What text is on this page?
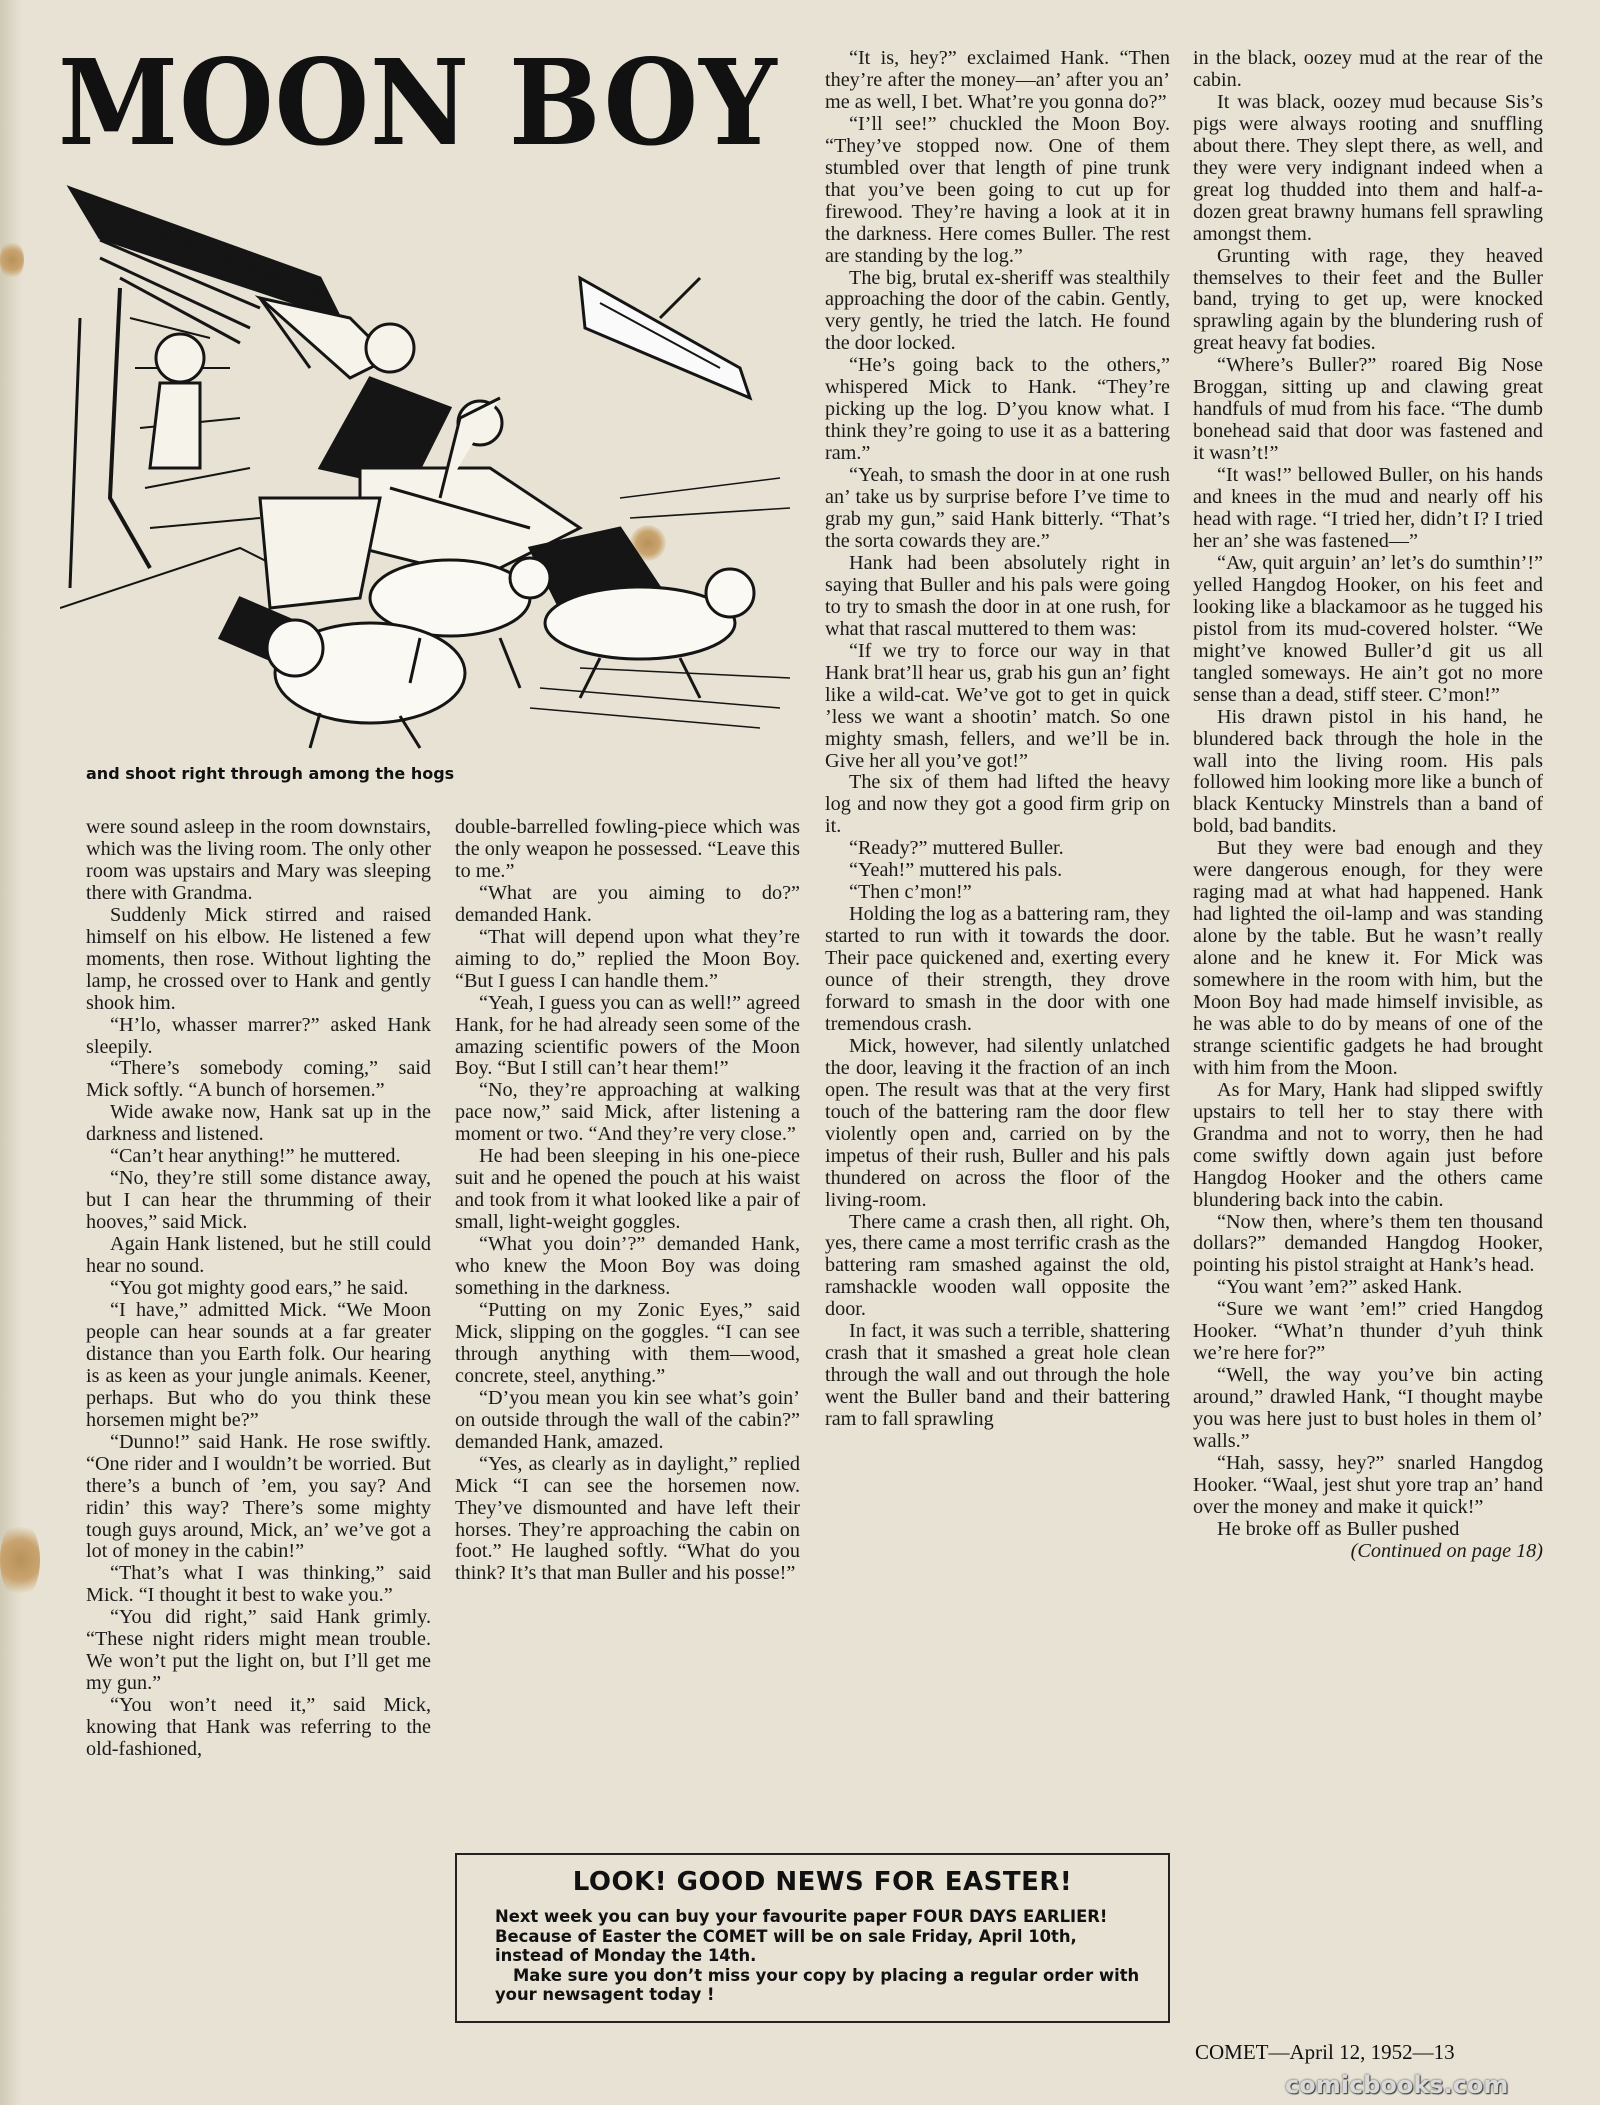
MOON BOY
and shoot right through among the hogs

were sound asleep in the room downstairs, which was the living room. The only other room was upstairs and Mary was sleeping there with Grandma.

Suddenly Mick stirred and raised himself on his elbow. He listened a few moments, then rose. Without lighting the lamp, he crossed over to Hank and gently shook him.

“H’lo, whasser marrer?” asked Hank sleepily.

“There’s somebody coming,” said Mick softly. “A bunch of horsemen.”

Wide awake now, Hank sat up in the darkness and listened.

“Can’t hear anything!” he muttered.

“No, they’re still some distance away, but I can hear the thrumming of their hooves,” said Mick.

Again Hank listened, but he still could hear no sound.

“You got mighty good ears,” he said.

“I have,” admitted Mick. “We Moon people can hear sounds at a far greater distance than you Earth folk. Our hearing is as keen as your jungle animals. Keener, perhaps. But who do you think these horsemen might be?”

“Dunno!” said Hank. He rose swiftly. “One rider and I wouldn’t be worried. But there’s a bunch of ’em, you say? And ridin’ this way? There’s some mighty tough guys around, Mick, an’ we’ve got a lot of money in the cabin!”

“That’s what I was thinking,” said Mick. “I thought it best to wake you.”

“You did right,” said Hank grimly. “These night riders might mean trouble. We won’t put the light on, but I’ll get me my gun.”

“You won’t need it,” said Mick, knowing that Hank was referring to the old-fashioned,

double-barrelled fowling-piece which was the only weapon he possessed. “Leave this to me.”

“What are you aiming to do?” demanded Hank.

“That will depend upon what they’re aiming to do,” replied the Moon Boy. “But I guess I can handle them.”

“Yeah, I guess you can as well!” agreed Hank, for he had already seen some of the amazing scientific powers of the Moon Boy. “But I still can’t hear them!”

“No, they’re approaching at walking pace now,” said Mick, after listening a moment or two. “And they’re very close.”

He had been sleeping in his one-piece suit and he opened the pouch at his waist and took from it what looked like a pair of small, light-weight goggles.

“What you doin’?” demanded Hank, who knew the Moon Boy was doing something in the darkness.

“Putting on my Zonic Eyes,” said Mick, slipping on the goggles. “I can see through anything with them—wood, concrete, steel, anything.”

“D’you mean you kin see what’s goin’ on outside through the wall of the cabin?” demanded Hank, amazed.

“Yes, as clearly as in daylight,” replied Mick “I can see the horsemen now. They’ve dismounted and have left their horses. They’re approaching the cabin on foot.” He laughed softly. “What do you think? It’s that man Buller and his posse!”

“It is, hey?” exclaimed Hank. “Then they’re after the money—an’ after you an’ me as well, I bet. What’re you gonna do?”

“I’ll see!” chuckled the Moon Boy. “They’ve stopped now. One of them stumbled over that length of pine trunk that you’ve been going to cut up for firewood. They’re having a look at it in the darkness. Here comes Buller. The rest are standing by the log.”

The big, brutal ex-sheriff was stealthily approaching the door of the cabin. Gently, very gently, he tried the latch. He found the door locked.

“He’s going back to the others,” whispered Mick to Hank. “They’re picking up the log. D’you know what. I think they’re going to use it as a battering ram.”

“Yeah, to smash the door in at one rush an’ take us by surprise before I’ve time to grab my gun,” said Hank bitterly. “That’s the sorta cowards they are.”

Hank had been absolutely right in saying that Buller and his pals were going to try to smash the door in at one rush, for what that rascal muttered to them was:

“If we try to force our way in that Hank brat’ll hear us, grab his gun an’ fight like a wild-cat. We’ve got to get in quick ’less we want a shootin’ match. So one mighty smash, fellers, and we’ll be in. Give her all you’ve got!”

The six of them had lifted the heavy log and now they got a good firm grip on it.

“Ready?” muttered Buller.

“Yeah!” muttered his pals.

“Then c’mon!”

Holding the log as a battering ram, they started to run with it towards the door. Their pace quickened and, exerting every ounce of their strength, they drove forward to smash in the door with one tremendous crash.

Mick, however, had silently unlatched the door, leaving it the fraction of an inch open. The result was that at the very first touch of the battering ram the door flew violently open and, carried on by the impetus of their rush, Buller and his pals thundered on across the floor of the living-room.

There came a crash then, all right. Oh, yes, there came a most terrific crash as the battering ram smashed against the old, ramshackle wooden wall opposite the door.

In fact, it was such a terrible, shattering crash that it smashed a great hole clean through the wall and out through the hole went the Buller band and their battering ram to fall sprawling

in the black, oozey mud at the rear of the cabin.

It was black, oozey mud because Sis’s pigs were always rooting and snuffling about there. They slept there, as well, and they were very indignant indeed when a great log thudded into them and half-a-dozen great brawny humans fell sprawling amongst them.

Grunting with rage, they heaved themselves to their feet and the Buller band, trying to get up, were knocked sprawling again by the blundering rush of great heavy fat bodies.

“Where’s Buller?” roared Big Nose Broggan, sitting up and clawing great handfuls of mud from his face. “The dumb bonehead said that door was fastened and it wasn’t!”

“It was!” bellowed Buller, on his hands and knees in the mud and nearly off his head with rage. “I tried her, didn’t I? I tried her an’ she was fastened—”

“Aw, quit arguin’ an’ let’s do sumthin’!” yelled Hangdog Hooker, on his feet and looking like a blackamoor as he tugged his pistol from its mud-covered holster. “We might’ve knowed Buller’d git us all tangled someways. He ain’t got no more sense than a dead, stiff steer. C’mon!”

His drawn pistol in his hand, he blundered back through the hole in the wall into the living room. His pals followed him looking more like a bunch of black Kentucky Minstrels than a band of bold, bad bandits.

But they were bad enough and they were dangerous enough, for they were raging mad at what had happened. Hank had lighted the oil-lamp and was standing alone by the table. But he wasn’t really alone and he knew it. For Mick was somewhere in the room with him, but the Moon Boy had made himself invisible, as he was able to do by means of one of the strange scientific gadgets he had brought with him from the Moon.

As for Mary, Hank had slipped swiftly upstairs to tell her to stay there with Grandma and not to worry, then he had come swiftly down again just before Hangdog Hooker and the others came blundering back into the cabin.

“Now then, where’s them ten thousand dollars?” demanded Hangdog Hooker, pointing his pistol straight at Hank’s head.

“You want ’em?” asked Hank.

“Sure we want ’em!” cried Hangdog Hooker. “What’n thunder d’yuh think we’re here for?”

“Well, the way you’ve bin acting around,” drawled Hank, “I thought maybe you was here just to bust holes in them ol’ walls.”

“Hah, sassy, hey?” snarled Hangdog Hooker. “Waal, jest shut yore trap an’ hand over the money and make it quick!”

He broke off as Buller pushed

(Continued on page 18)

LOOK! GOOD NEWS FOR EASTER!

Next week you can buy your favourite paper FOUR DAYS EARLIER! Because of Easter the COMET will be on sale Friday, April 10th, instead of Monday the 14th.

Make sure you don’t miss your copy by placing a regular order with your newsagent today !

COMET—April 12, 1952—13
comicbooks.com
